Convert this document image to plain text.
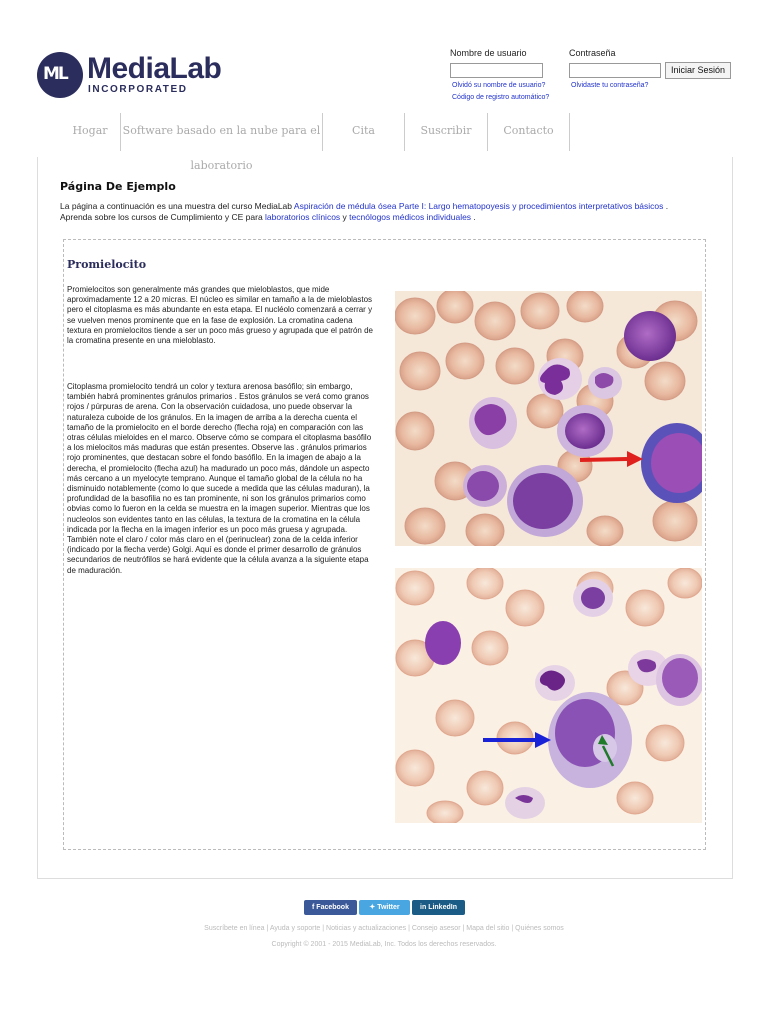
ML MediaLab
INCORPORATED
Nombre de usuario	Contraseña
Iniciar Sesión
Olvidó su nombre de usuario?	Olvidaste tu contraseña?
Código de registro automático?
Hogar	Software basado en la nube para el
laboratorio
Cita	Suscribir	Contacto
Página De Ejemplo
La página a continuación es una muestra del curso MediaLab Aspiración de médula ósea Parte I: Largo hematopoyesis y procedimientos interpretativos básicos . Aprenda sobre los cursos de Cumplimiento y CE para laboratorios clínicos y tecnólogos médicos individuales .
Promielocito
Promielocitos son generalmente más grandes que mieloblastos, que mide aproximadamente 12 a 20 micras. El núcleo es similar en tamaño a la de mieloblastos pero el citoplasma es más abundante en esta etapa. El nucléolo comenzará a cerrar y se vuelven menos prominente que en la fase de explosión. La cromatina cadena textura en promielocitos tiende a ser un poco más grueso y agrupada que el patrón de la cromatina presente en una mieloblasto.
Citoplasma promielocito tendrá un color y textura arenosa basófilo; sin embargo, también habrá prominentes gránulos primarios . Estos gránulos se verá como granos rojos / púrpuras de arena. Con la observación cuidadosa, uno puede observar la naturaleza cuboide de los gránulos. En la imagen de arriba a la derecha cuenta el tamaño de la promielocito en el borde derecho (flecha roja) en comparación con las otras células mieloides en el marco. Observe cómo se compara el citoplasma basófilo a los mielocitos más maduras que están presentes. Observe las . gránulos primarios rojo prominentes, que destacan sobre el fondo basófilo. En la imagen de abajo a la derecha, el promielocito (flecha azul) ha madurado un poco más, dándole un aspecto más cercano a un myelocyte temprano. Aunque el tamaño global de la célula no ha disminuido notablemente (como lo que sucede a medida que las células maduran), la profundidad de la basofilia no es tan prominente, ni son los gránulos primarios como obvias como lo fueron en la celda se muestra en la imagen superior. Mientras que los nucleolos son evidentes tanto en las células, la textura de la cromatina en la célula indicada por la flecha en la imagen inferior es un poco más gruesa y agrupada. También note el claro / color más claro en el (perinuclear) zona de la celda inferior (indicado por la flecha verde) Golgi. Aquí es donde el primer desarrollo de gránulos secundarios de neutrófilos se hará evidente que la célula avanza a la siguiente etapa de maduración.
f Facebook	✦ Twitter	in LinkedIn
Suscríbete en línea | Ayuda y soporte | Noticias y actualizaciones | Consejo asesor | Mapa del sitio | Quiénes somos
Copyright © 2001 - 2015 MediaLab, Inc. Todos los derechos reservados.
